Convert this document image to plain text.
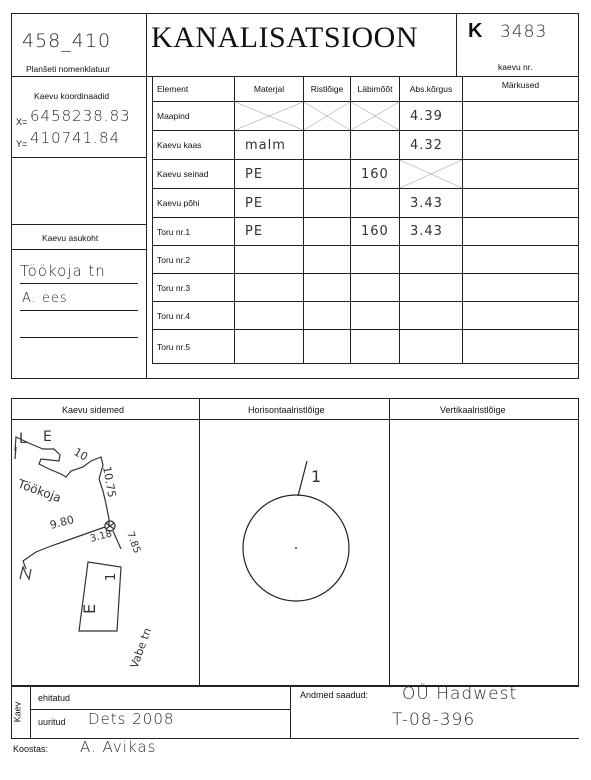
458_410
Planšeti nomenklatuur
KANALISATSIOON	K 3483
kaevu nr.
Kaevu koordinaadid
X= 6458238.83
Y= 410741.84
Kaevu asukoht
Töökoja tn
A. ees
Element	Materjal	Ristlõige	Läbimõõt	Abs.kõrgus	Märkused
Maapind				4.39	
Kaevu kaas	malm			4.32	
Kaevu seinad	PE		160	

Kaevu põhi	PE			3.43	
Toru nr.1	PE		160	3.43	
Toru nr.2					
Toru nr.3					
Toru nr.4					
Toru nr.5					
Kaevu sidemed	Horisontaalristlõige	Vertikaalristlõige
L E
10
10.75
Töökoja
9.80
3.18 7.85
E
1
Vabe tn
1
Kaev
ehitatud
uuritud Dets 2008
Andmed saadud: OÜ Hadwest
T-08-396
Koostas: A. Avikas
